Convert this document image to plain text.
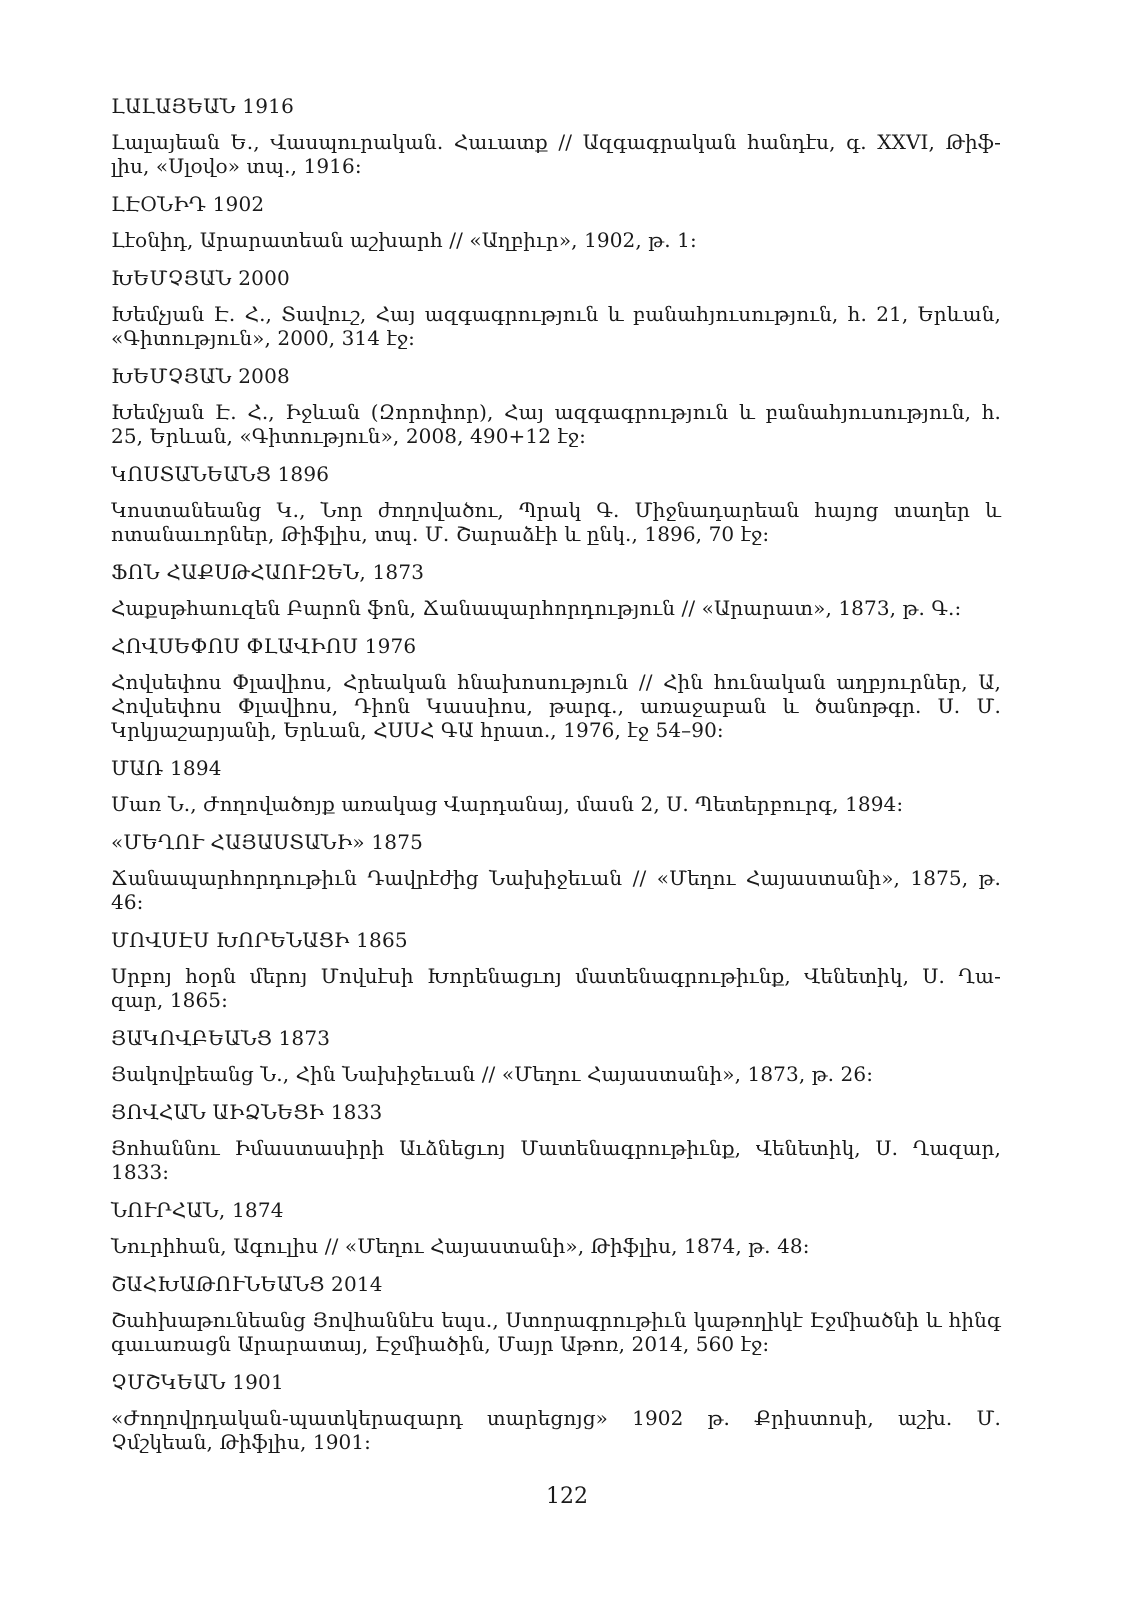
ԼԱԼԱՅԵԱՆ 1916

Լալայեան Ե., Վասպուրական. Հաւատք // Ազգագրական հանդէս, գ. XXVI, Թիֆ- լիս, «Սլօվօ» տպ., 1916:

ԼԷՕՆԻԴ 1902

Լէօնիդ, Արարատեան աշխարհ // «Աղբիւր», 1902, թ. 1:

ԽԵՄՉՅԱՆ 2000

Խեմչյան Է. Հ., Տավուշ, Հայ ազգագրություն և բանահյուսություն, հ. 21, Երևան, «Գիտություն», 2000, 314 էջ:

ԽԵՄՉՅԱՆ 2008

Խեմչյան Է. Հ., Իջևան (Զորոփոր), Հայ ազգագրություն և բանահյուսություն, հ. 25, Երևան, «Գիտություն», 2008, 490+12 էջ:

ԿՈՍՏԱՆԵԱՆՑ 1896

Կոստանեանց Կ., Նոր ժողովածու, Պրակ Գ. Միջնադարեան հայոց տաղեր և ոտանաւորներ, Թիֆլիս, տպ. Մ. Շարաձէի և ընկ., 1896, 70 էջ:

ՖՈՆ ՀԱՔՍԹՀԱՈՒԶԵՆ, 1873

Հաքսթհաուզեն Բարոն ֆոն, Ճանապարհորդություն // «Արարատ», 1873, թ. Գ.:

ՀՈՎՍԵՓՈՍ ՓԼԱՎԻՈՍ 1976

Հովսեփոս Փլավիոս, Հրեական հնախոսություն // Հին հունական աղբյուրներ, Ա, Հովսեփոս Փլավիոս, Դիոն Կասսիոս, թարգ., առաջաբան և ծանոթգր. Ս. Մ. Կրկյաշարյանի, Երևան, ՀՍՍՀ ԳԱ հրատ., 1976, էջ 54–90:

ՄԱՌ 1894

Մառ Ն., Ժողովածոյք առակաց Վարդանայ, մասն 2, Ս. Պետերբուրգ, 1894:

«ՄԵՂՈՒ ՀԱՅԱՍՏԱՆԻ» 1875

Ճանապարհորդութիւն Դավրէժից Նախիջեւան // «Մեղու Հայաստանի», 1875, թ. 46:

ՄՈՎՍԷՍ ԽՈՐԵՆԱՑԻ 1865

Սրբոյ հօրն մերոյ Մովսէսի Խորենացւոյ մատենագրութիւնք, Վենետիկ, Ս. Ղա- զար, 1865:

ՅԱԿՈՎԲԵԱՆՑ 1873

Յակովբեանց Ն., Հին Նախիջեւան // «Մեղու Հայաստանի», 1873, թ. 26:

ՅՈՎՀԱՆ ԱԻՁՆԵՑԻ 1833

Յոհաննու Իմաստասիրի Աւձնեցւոյ Մատենագրութիւնք, Վենետիկ, Ս. Ղազար, 1833:

ՆՈՒՐՀԱՆ, 1874

Նուրիհան, Ագուլիս // «Մեղու Հայաստանի», Թիֆլիս, 1874, թ. 48:

ՇԱՀԽԱԹՈՒՆԵԱՆՑ 2014

Շահխաթունեանց Յովհաննէս եպս., Ստորագրութիւն կաթողիկէ Էջմիածնի և հինգ գաւառացն Արարատայ, Էջմիածին, Մայր Աթոռ, 2014, 560 էջ:

ՉՄՇԿԵԱՆ 1901

«Ժողովրդական-պատկերազարդ տարեցոյց» 1902 թ. Քրիստոսի, աշխ. Մ. Չմշկեան, Թիֆլիս, 1901:

122
